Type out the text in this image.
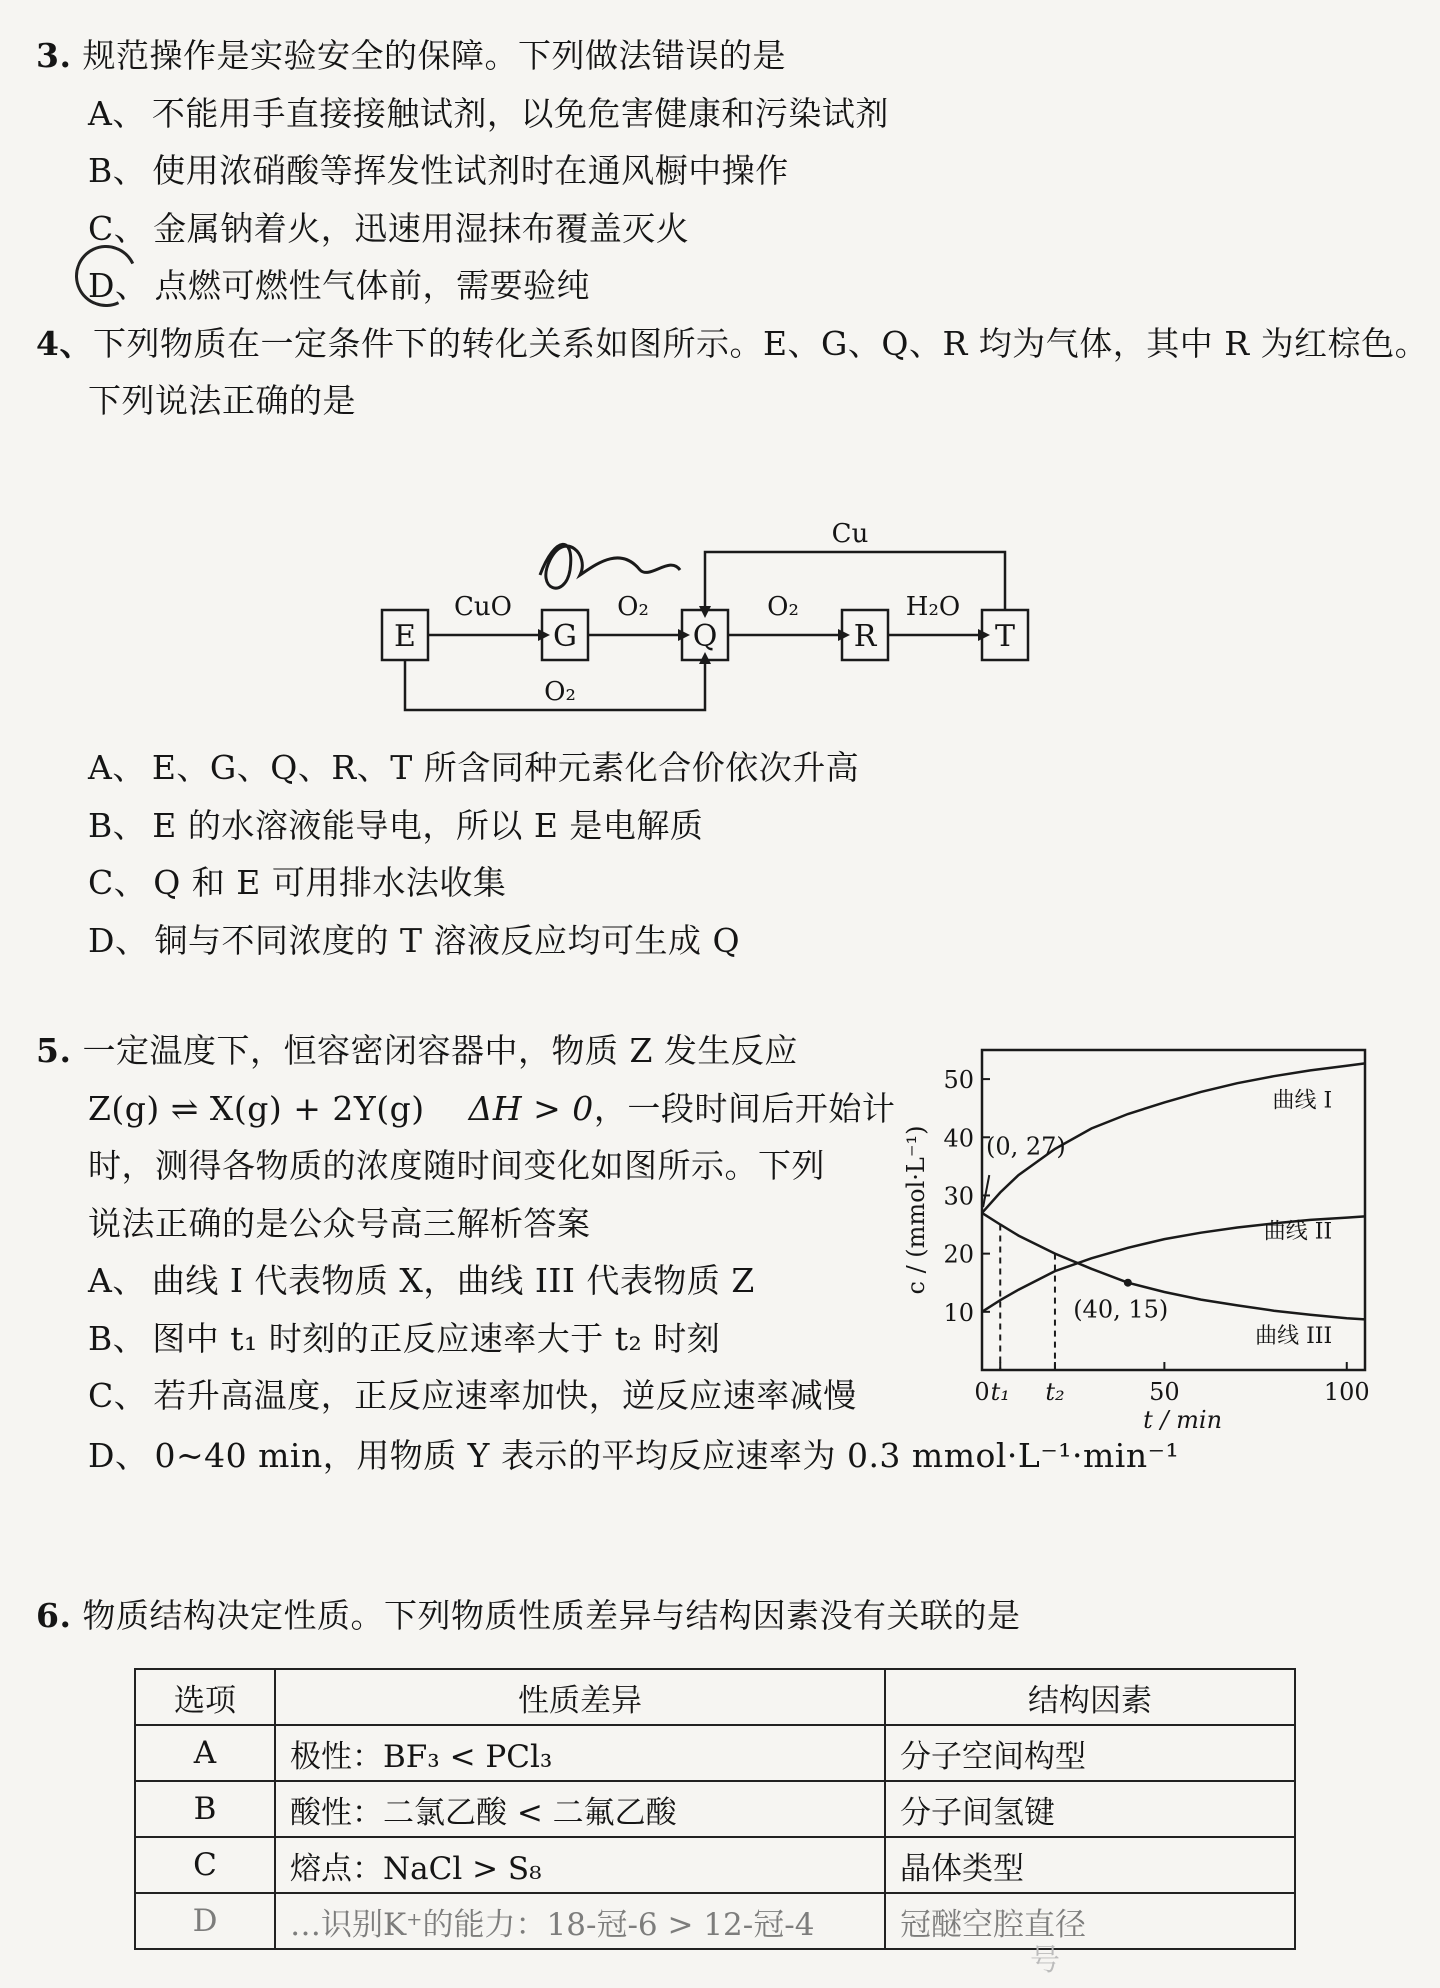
3. 规范操作是实验安全的保障。下列做法错误的是
A、 不能用手直接接触试剂，以免危害健康和污染试剂
B、 使用浓硝酸等挥发性试剂时在通风橱中操作
C、 金属钠着火，迅速用湿抹布覆盖灭火
D、 点燃可燃性气体前，需要验纯
4、下列物质在一定条件下的转化关系如图所示。E、G、Q、R 均为气体，其中 R 为红棕色。
下列说法正确的是
E	G	Q	R	T
CuO	O₂	O₂	H₂O
Cu
O₂
A、 E、G、Q、R、T 所含同种元素化合价依次升高
B、 E 的水溶液能导电，所以 E 是电解质
C、 Q 和 E 可用排水法收集
D、 铜与不同浓度的 T 溶液反应均可生成 Q
5. 一定温度下，恒容密闭容器中，物质 Z 发生反应
Z(g) ⇌ X(g) + 2Y(g) ΔH > 0，一段时间后开始计
时，测得各物质的浓度随时间变化如图所示。下列
说法正确的是公众号高三解析答案
A、 曲线 I 代表物质 X，曲线 III 代表物质 Z
B、 图中 t₁ 时刻的正反应速率大于 t₂ 时刻
C、 若升高温度，正反应速率加快，逆反应速率减慢
D、 0~40 min，用物质 Y 表示的平均反应速率为 0.3 mmol·L⁻¹·min⁻¹
10
20
30
40
50
0 t₁ t₂	50	100
曲线 I
曲线 II
曲线 III
(0, 27)
(40, 15)
t / min
c / (mmol·L⁻¹)
6. 物质结构决定性质。下列物质性质差异与结构因素没有关联的是
选项	性质差异	结构因素
A	极性：BF₃ < PCl₃	分子空间构型
B	酸性：二氯乙酸 < 二氟乙酸	分子间氢键
C	熔点：NaCl > S₈	晶体类型
D	…识别K⁺的能力：18-冠-6 > 12-冠-4	冠醚空腔直径
号
